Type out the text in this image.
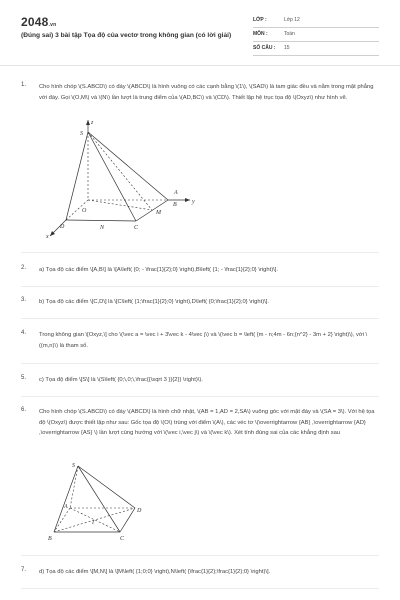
2048.vn
(Đúng sai) 3 bài tập Tọa độ của vectơ trong không gian (có lời giải)
LỚP :	Lớp 12
MÔN :	Toán
SỐ CÂU : 15
1. Cho hình chóp \(S.ABCD\) có đáy \(ABCD\) là hình vuông có các cạnh bằng \(1\), \(SAD\) là tam giác đều và nằm trong mặt phẳng với đáy. Gọi \(O,M\) và \(N\) lần lượt là trung điểm của \(AD,BC\) và \(CD\). Thiết lập hệ trục tọa độ \(Oxyz\) như hình vẽ.
z
S
x
y
A
B
C
D
O
N
M
2. a) Tọa độ các điểm \[A,B\] là \[A\left( {0; - \frac{1}{2};0} \right),B\left( {1; - \frac{1}{2};0} \right)\].
3. b) Tọa độ các điểm \[C,D\] là \[C\left( {1;\frac{1}{2};0} \right),D\left( {0;\frac{1}{2};0} \right)\].
4. Trong không gian \[Oxyz,\] cho \(\vec a = \vec i + 3\vec k - 4\vec j\) và \(\vec b = \left( {m - n;4m - 6n;{n^2} - 3m + 2} \right)\), với \((m,n)\) là tham số.
5. c) Tọa độ điểm \[S\] là \(S\left( {0;\,0;\,\frac{{\sqrt 3 }}{2}} \right)\).
6. Cho hình chóp \(S.ABCD\) có đáy \(ABCD\) là hình chữ nhật, \(AB = 1,AD = 2,SA\) vuông góc với mặt đáy và \(SA = 3\). Với hệ tọa độ \(Oxyz\) được thiết lập như sau: Gốc tọa độ \(O\) trùng với điểm \(A\), các véc tơ \(\overrightarrow {AB} ,\overrightarrow {AD} ,\overrightarrow {AS} \) lần lượt cùng hướng với \(\vec i,\vec j\) và \(\vec k\). Xét tính đúng sai của các khẳng định sau
S
A
D
B	C
I
7. d) Tọa độ các điểm \[M,N\] là \[M\left( {1;0;0} \right),N\left( {\frac{1}{2};\frac{1}{2};0} \right)\].
